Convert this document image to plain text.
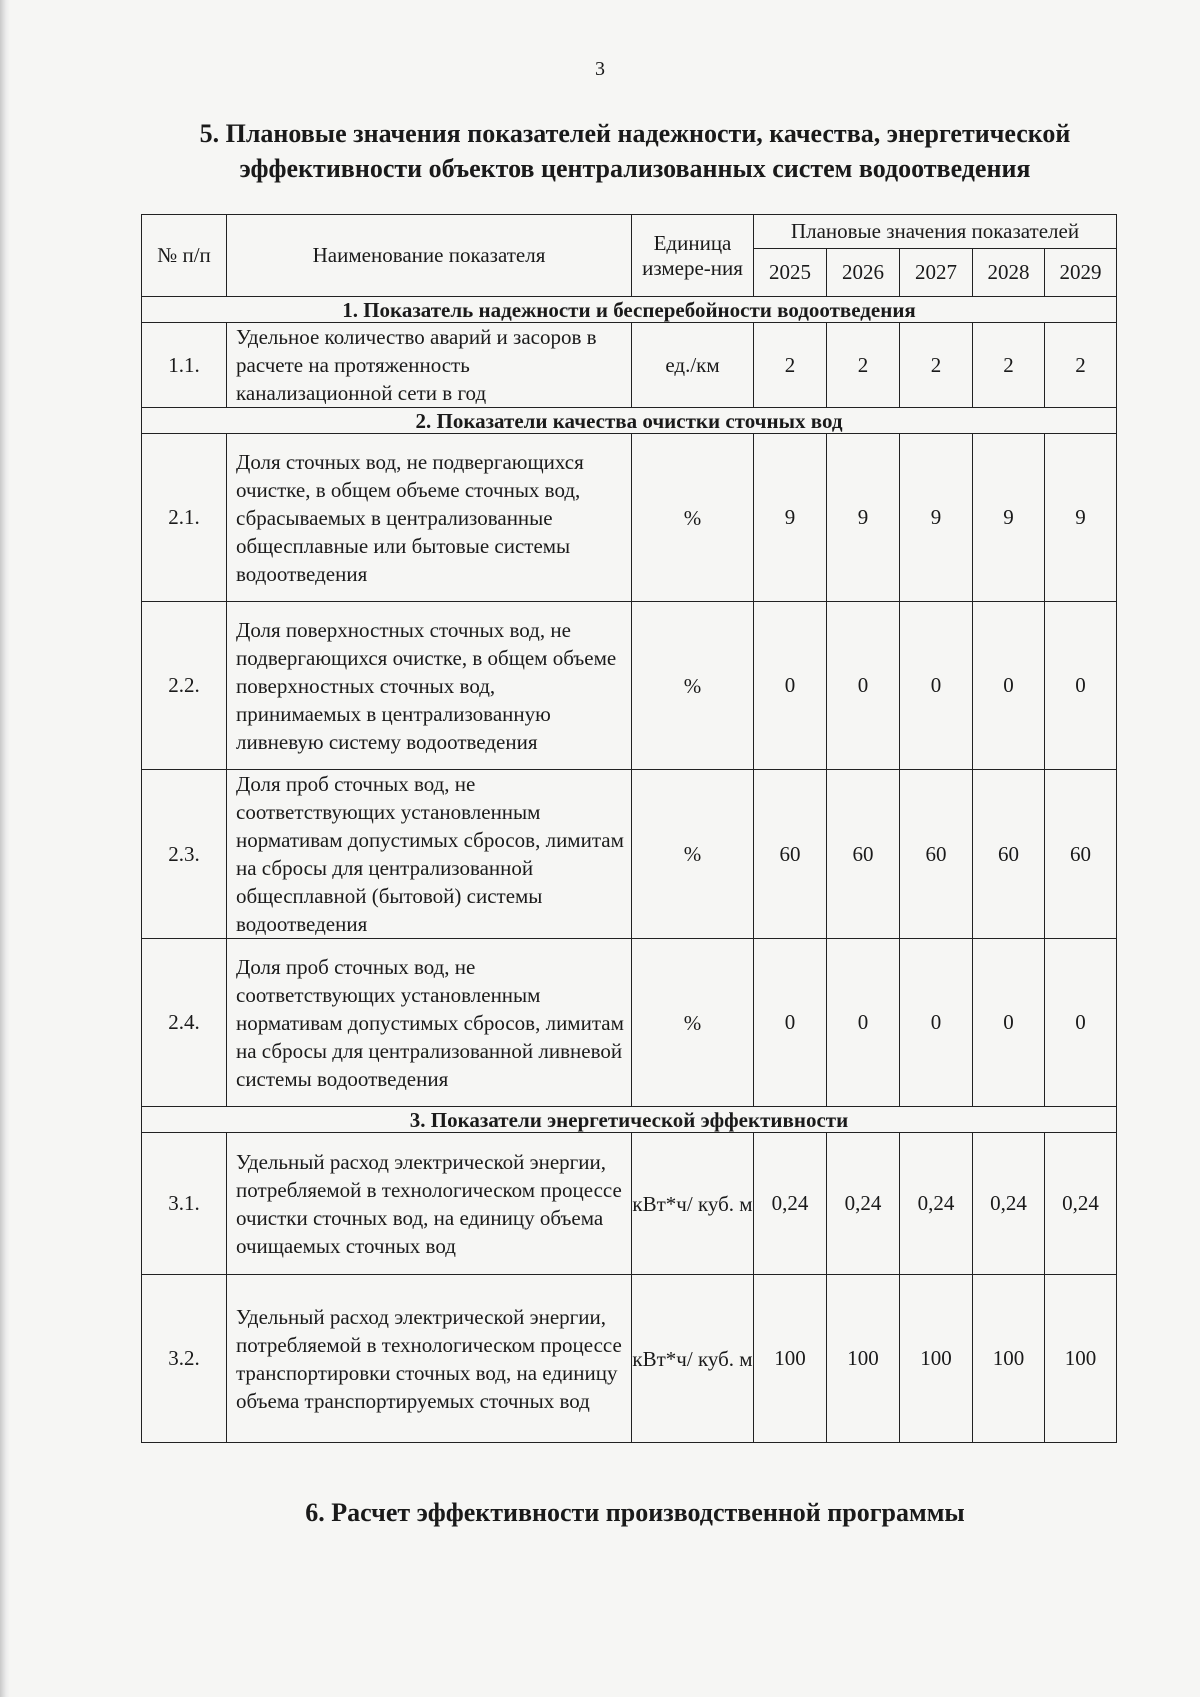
3
5. Плановые значения показателей надежности, качества, энергетической
эффективности объектов централизованных систем водоотведения
№ п/п	Наименование показателя	Единица измере-ния	Плановые значения показателей				
			2025	2026	2027	2028	2029
1. Показатель надежности и бесперебойности водоотведения							
1.1.	Удельное количество аварий и засоров в расчете на протяженность канализационной сети в год	ед./км	2	2	2	2	2
2. Показатели качества очистки сточных вод							
2.1.	Доля сточных вод, не подвергающихся очистке, в общем объеме сточных вод, сбрасываемых в централизованные общесплавные или бытовые системы водоотведения	%	9	9	9	9	9
2.2.	Доля поверхностных сточных вод, не подвергающихся очистке, в общем объеме поверхностных сточных вод, принимаемых в централизованную ливневую систему водоотведения	%	0	0	0	0	0
2.3.	Доля проб сточных вод, не соответствующих установленным нормативам допустимых сбросов, лимитам на сбросы для централизованной общесплавной (бытовой) системы водоотведения	%	60	60	60	60	60
2.4.	Доля проб сточных вод, не соответствующих установленным нормативам допустимых сбросов, лимитам на сбросы для централизованной ливневой системы водоотведения	%	0	0	0	0	0
3. Показатели энергетической эффективности							
3.1.	Удельный расход электрической энергии, потребляемой в технологическом процессе очистки сточных вод, на единицу объема очищаемых сточных вод	кВт*ч/ куб. м	0,24	0,24	0,24	0,24	0,24
3.2.	Удельный расход электрической энергии, потребляемой в технологическом процессе транспортировки сточных вод, на единицу объема транспортируемых сточных вод	кВт*ч/ куб. м	100	100	100	100	100
6. Расчет эффективности производственной программы
